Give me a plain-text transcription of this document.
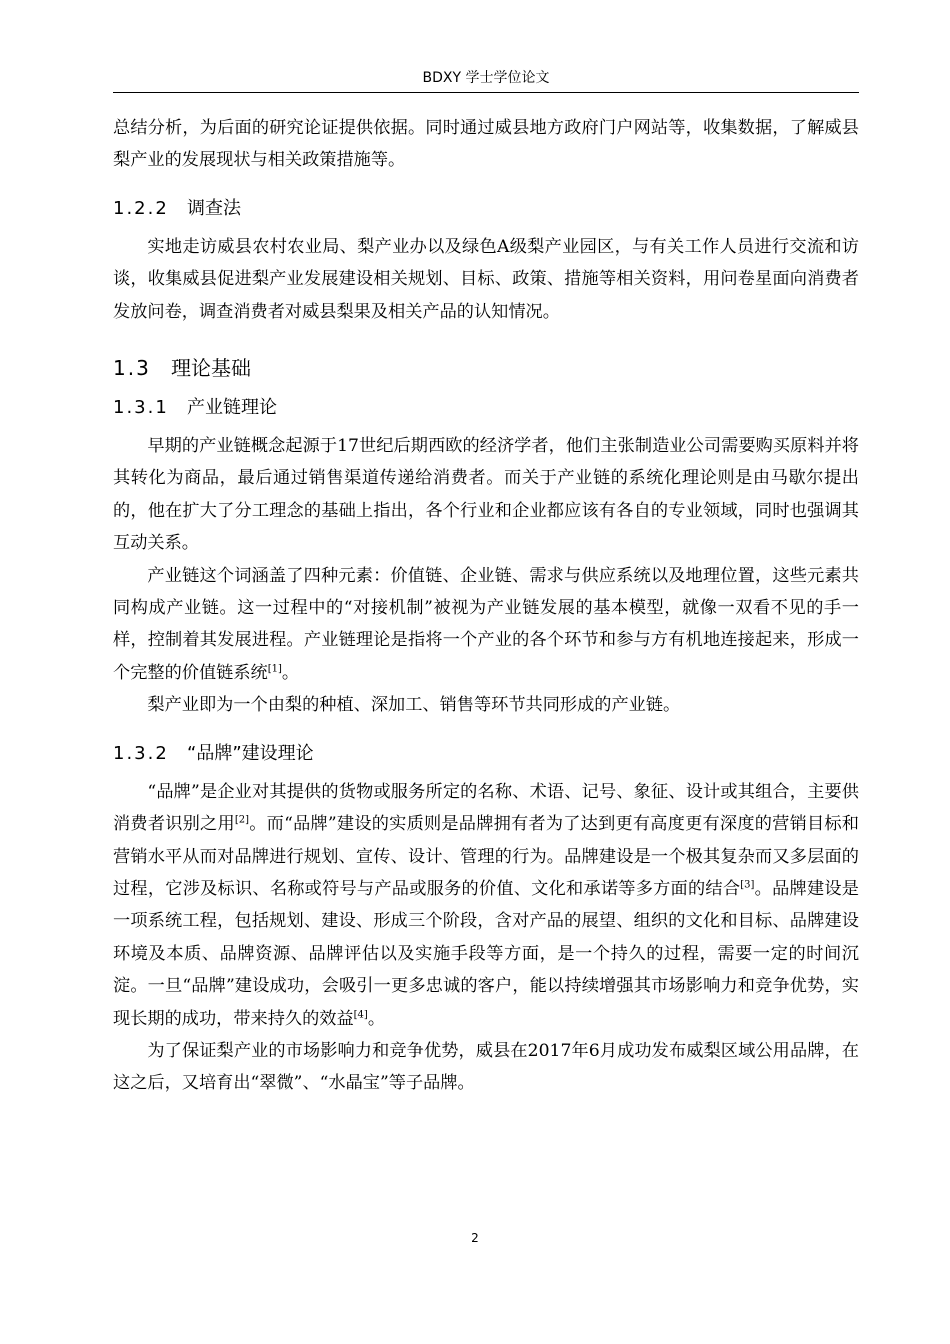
BDXY 学士学位论文

总结分析，为后面的研究论证提供依据。同时通过威县地方政府门户网站等，收集数据，了解威县梨产业的发展现状与相关政策措施等。

1.2.2 调查法

实地走访威县农村农业局、梨产业办以及绿色A级梨产业园区，与有关工作人员进行交流和访谈，收集威县促进梨产业发展建设相关规划、目标、政策、措施等相关资料，用问卷星面向消费者发放问卷，调查消费者对威县梨果及相关产品的认知情况。

1.3 理论基础
1.3.1 产业链理论

早期的产业链概念起源于17世纪后期西欧的经济学者，他们主张制造业公司需要购买原料并将其转化为商品，最后通过销售渠道传递给消费者。而关于产业链的系统化理论则是由马歇尔提出的，他在扩大了分工理念的基础上指出，各个行业和企业都应该有各自的专业领域，同时也强调其互动关系。

产业链这个词涵盖了四种元素：价值链、企业链、需求与供应系统以及地理位置，这些元素共同构成产业链。这一过程中的“对接机制”被视为产业链发展的基本模型，就像一双看不见的手一样，控制着其发展进程。产业链理论是指将一个产业的各个环节和参与方有机地连接起来，形成一个完整的价值链系统[1]。

梨产业即为一个由梨的种植、深加工、销售等环节共同形成的产业链。

1.3.2 “品牌”建设理论

“品牌”是企业对其提供的货物或服务所定的名称、术语、记号、象征、设计或其组合，主要供消费者识别之用[2]。而“品牌”建设的实质则是品牌拥有者为了达到更有高度更有深度的营销目标和营销水平从而对品牌进行规划、宣传、设计、管理的行为。品牌建设是一个极其复杂而又多层面的过程，它涉及标识、名称或符号与产品或服务的价值、文化和承诺等多方面的结合[3]。品牌建设是一项系统工程，包括规划、建设、形成三个阶段，含对产品的展望、组织的文化和目标、品牌建设环境及本质、品牌资源、品牌评估以及实施手段等方面，是一个持久的过程，需要一定的时间沉淀。一旦“品牌”建设成功，会吸引一更多忠诚的客户，能以持续增强其市场影响力和竞争优势，实现长期的成功，带来持久的效益[4]。

为了保证梨产业的市场影响力和竞争优势，威县在2017年6月成功发布威梨区域公用品牌，在这之后，又培育出“翠微”、“水晶宝”等子品牌。

2
